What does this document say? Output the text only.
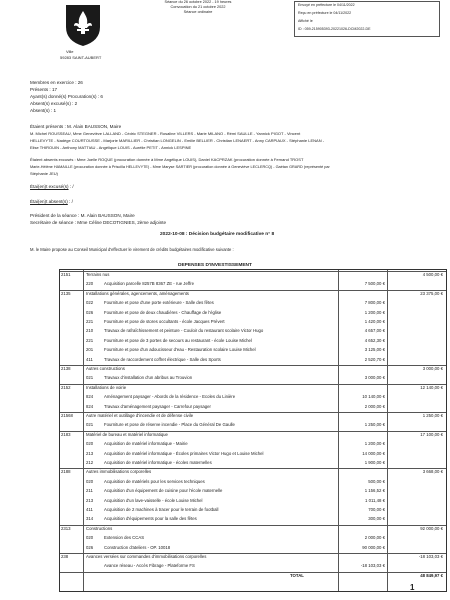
Ville
59283 SAINT-AUBERT
Séance du 26 octobre 2022 - 19 heures
Convocation du 21 octobre 2022
Séance ordinaire
Envoyé en préfecture le 04/11/2022
Reçu en préfecture le 04/11/2022
Affiché le
ID : 059-215905393-20221026-DCM2022-DE
Membres en exercice : 26
Présents : 17
Ayant(s) donné(s) Procuration(s) : 6
Absent(s) excusé(s) : 2
Absent(s) : 1
Étaient présents : M. Alain BAUSSON, Maire
M. Michel ROUSSEAU, Mme Geneviève LALLAND - Cédric STEGNER - Rosaline VILLERS - Marie MILANO - Rémi SAULLE - Yannick PIGOT - Vincent
HELLEVYTE - Nadège COURTOUSSE - Marjorie MARILLIER - Christian LONGELIN - Emilie BELLIER - Christian LENAERT - Anny CARPIAUX - Stéphanie LENAN -
Elise THIROUIN - Anthony MATTIAU - Angélique LOUIS - Aurélie PETIT - Annick LESPINE
Étaient absents excusés : Mme Joelle ROQUE (procuration donnée à Mme Angélique LOUIS), Daniel KACPRZAK (procuration donnée à Fernand TROST
Marie-Hélène HAMAILLE (procuration donnée à Priscilla HELLEVYTE) - Mme Maryse SARTIER (procuration donnée à Geneviève LECLERCQ) - Gaétan GRARD (représenté par
Stéphanie JEU)
Étai(en)t excusé(s) : /
Étai(en)t absent(s) : /
Président de la séance : M. Alain BAUSSON, Maire
Secrétaire de séance : Mme Céline DECOTIGNIES, 2ème adjointe
2022-10-08 : Décision budgétaire modificative n° 8
M. le Maire propose au Conseil Municipal d'effectuer le virement de crédits budgétaires modificative suivante :
DEPENSES D'INVESTISSEMENT
2151	Terrains nus	4 500,00 €
220	Acquisition parcelle 8257B 8367 ZE - rue Jeffre	7 500,00 €
2135	Installations générales, agencements, aménagements	23 375,00 €
022	Fourniture et pose d'une porte extérieure - Salle des fêtes	7 800,00 €
026	Fourniture et pose de deux chaudières - Chauffage de l'église	1 200,00 €
221	Fourniture et pose de stores occultants - école Jacques Prévert	1 420,00 €
210	Travaux de rafraîchissement et peinture - Couloir du restaurant scolaire Victor Hugo	4 657,00 €
221	Fourniture et pose de 3 portes de secours au restaurant - école Louise Michel	4 652,30 €
201	Fourniture et pose d'un adoucisseur d'eau - Restauration scolaire Louise Michel	3 125,00 €
411	Travaux de raccordement coffret électrique - Salle des Sports	2 520,70 €
2138	Autres constructions	3 000,00 €
021	Travaux d'installation d'un abribus au Trouvion	3 000,00 €
2152	Installations de voirie	12 140,00 €
824	Aménagement paysager - Abords de la résidence - Ecoles du Linière	10 140,00 €
824	Travaux d'aménagement paysager - Carrefour paysager	2 000,00 €
21568	Autre matériel et outillage d'incendie et de défense civile	1 250,00 €
021	Fourniture et pose de réserve incendie - Place du Général De Gaulle	1 250,00 €
2183	Matériel de bureau et matériel informatique	17 100,00 €
020	Acquisition de matériel informatique - Mairie	1 200,00 €
213	Acquisition de matériel informatique - Écoles primaires Victor Hugo et Louise Michel	14 000,00 €
212	Acquisition de matériel informatique - écoles maternelles	1 900,00 €
2188	Autres immobilisations corporelles	3 668,00 €
020	Acquisition de matériels pour les services techniques	500,00 €
211	Acquisition d'un équipement de cuisine pour l'école maternelle	1 156,52 €
213	Acquisition d'un lave-vaisselle - école Louise Michel	1 011,48 €
411	Acquisition de 2 machines à tracer pour le terrain de football	700,00 €
314	Acquisition d'équipements pour la salle des fêtes	300,00 €
2313	Constructions	92 000,00 €
020	Extension des CCAS	2 000,00 €
026	Construction d'ateliers - OP. 10018	90 000,00 €
238	Avances versées sur commandes d'immobilisations corporelles	-18 103,03 €
Avance réseau - Accès Fibrage - Plateforme FS	-18 103,03 €
TOTAL	48 849,97 €
1
